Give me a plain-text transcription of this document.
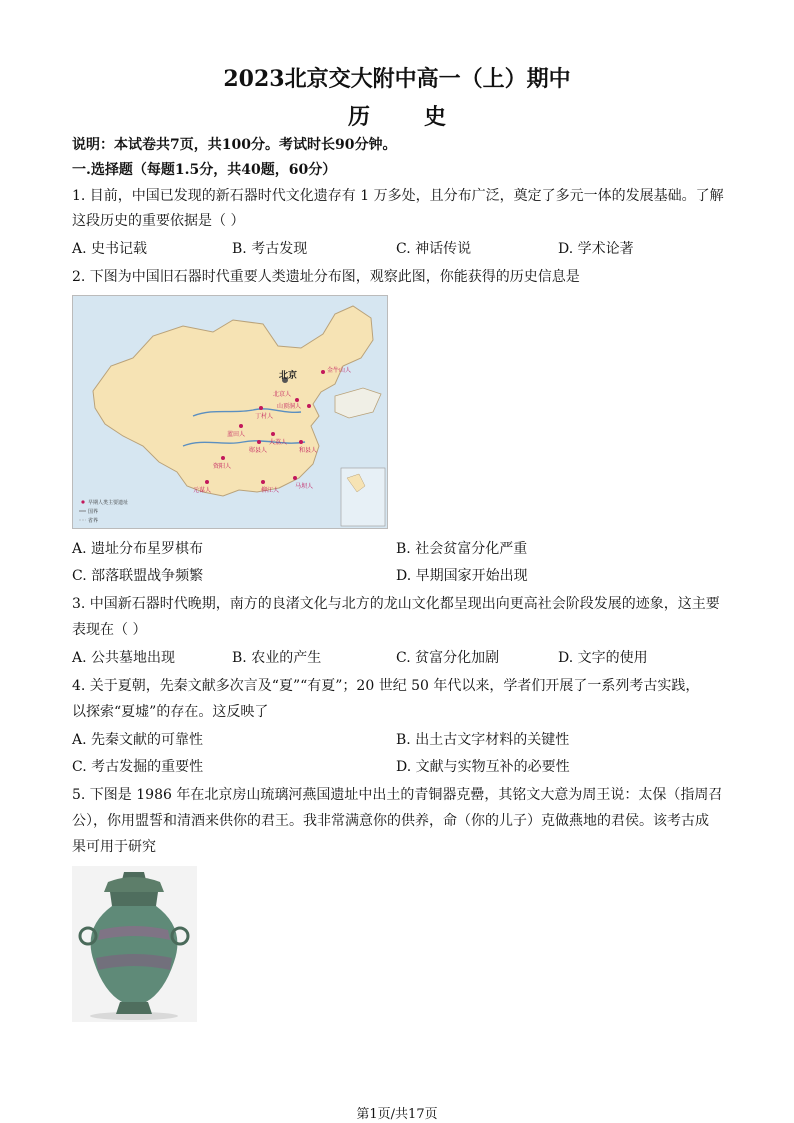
2023北京交大附中高一（上）期中
历 史
说明：本试卷共7页，共100分。考试时长90分钟。
一.选择题（每题1.5分，共40题，60分）
1. 目前，中国已发现的新石器时代文化遗存有 1 万多处，且分布广泛，奠定了多元一体的发展基础。了解
这段历史的重要依据是（ ）
A. 史书记载	B. 考古发现	C. 神话传说	D. 学术论著
2. 下图为中国旧石器时代重要人类遗址分布图，观察此图，你能获得的历史信息是
北京	金牛山人
北京人
山顶洞人
丁村人
蓝田人
郧县人
大荔人
和县人
元谋人	柳江人
资阳人
马坝人
早期人类主要遗址
国界
省界
A. 遗址分布星罗棋布	B. 社会贫富分化严重
C. 部落联盟战争频繁	D. 早期国家开始出现
3. 中国新石器时代晚期，南方的良渚文化与北方的龙山文化都呈现出向更高社会阶段发展的迹象，这主要
表现在（ ）
A. 公共墓地出现	B. 农业的产生	C. 贫富分化加剧	D. 文字的使用
4. 关于夏朝，先秦文献多次言及“夏”“有夏”；20 世纪 50 年代以来，学者们开展了一系列考古实践，
以探索“夏墟”的存在。这反映了
A. 先秦文献的可靠性	B. 出土古文字材料的关键性
C. 考古发掘的重要性	D. 文献与实物互补的必要性
5. 下图是 1986 年在北京房山琉璃河燕国遗址中出土的青铜器克罍，其铭文大意为周王说：太保（指周召
公），你用盟誓和清酒来供你的君王。我非常满意你的供养，命（你的儿子）克做燕地的君侯。该考古成
果可用于研究
第1页/共17页
